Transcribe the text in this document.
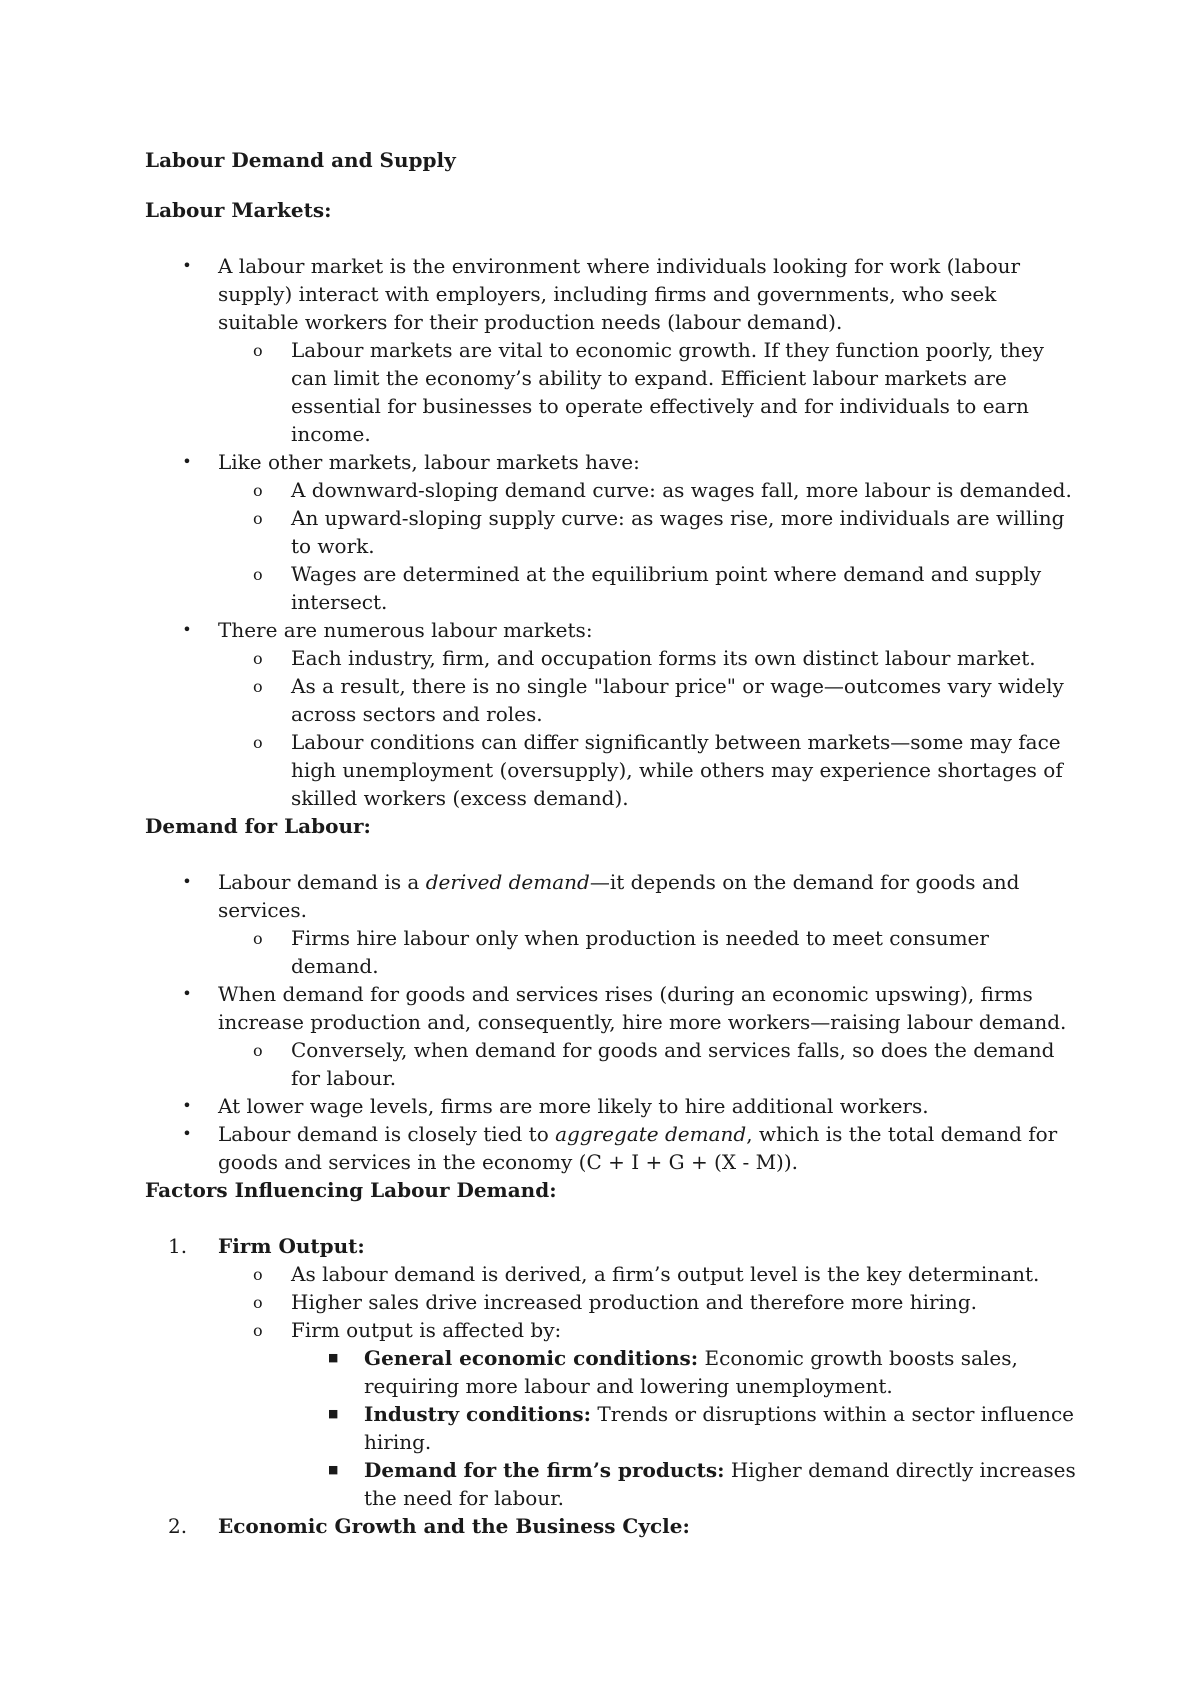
Labour Demand and Supply

Labour Markets:

• A labour market is the environment where individuals looking for work (labour supply) interact with employers, including firms and governments, who seek suitable workers for their production needs (labour demand).
o Labour markets are vital to economic growth. If they function poorly, they can limit the economy’s ability to expand. Efficient labour markets are essential for businesses to operate effectively and for individuals to earn income.
• Like other markets, labour markets have:
o A downward-sloping demand curve: as wages fall, more labour is demanded.
o An upward-sloping supply curve: as wages rise, more individuals are willing to work.
o Wages are determined at the equilibrium point where demand and supply intersect.
• There are numerous labour markets:
o Each industry, firm, and occupation forms its own distinct labour market.
o As a result, there is no single "labour price" or wage—outcomes vary widely across sectors and roles.
o Labour conditions can differ significantly between markets—some may face high unemployment (oversupply), while others may experience shortages of skilled workers (excess demand).

Demand for Labour:

• Labour demand is a derived demand—it depends on the demand for goods and services.
o Firms hire labour only when production is needed to meet consumer demand.
• When demand for goods and services rises (during an economic upswing), firms increase production and, consequently, hire more workers—raising labour demand.
o Conversely, when demand for goods and services falls, so does the demand for labour.
• At lower wage levels, firms are more likely to hire additional workers.
• Labour demand is closely tied to aggregate demand, which is the total demand for goods and services in the economy (C + I + G + (X - M)).

Factors Influencing Labour Demand:

1.	Firm Output:
o As labour demand is derived, a firm’s output level is the key determinant.
o Higher sales drive increased production and therefore more hiring.
o Firm output is affected by:
■ General economic conditions: Economic growth boosts sales, requiring more labour and lowering unemployment.
■ Industry conditions: Trends or disruptions within a sector influence hiring.
■ Demand for the firm’s products: Higher demand directly increases the need for labour.
2.	Economic Growth and the Business Cycle:
